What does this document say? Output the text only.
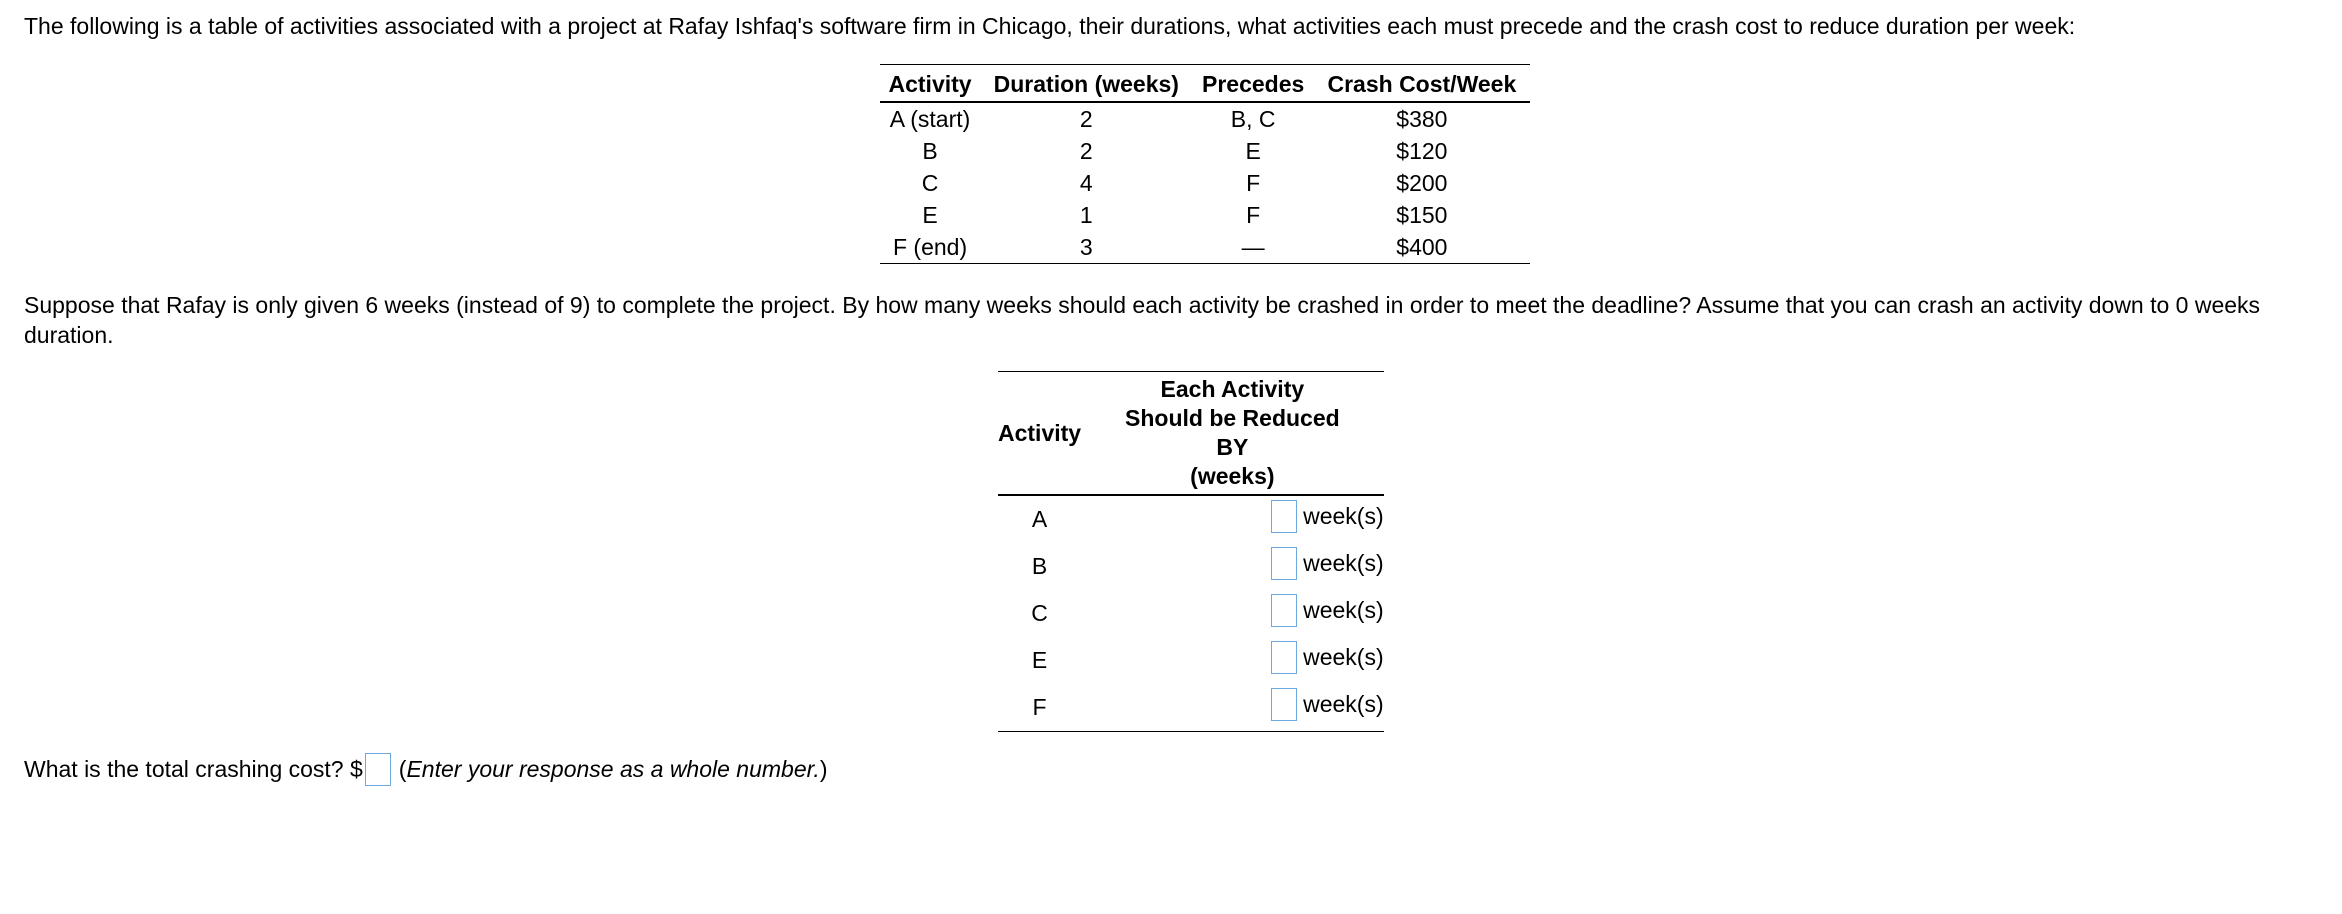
The following is a table of activities associated with a project at Rafay Ishfaq's software firm in Chicago, their durations, what activities each must precede and the crash cost to reduce duration per week:

Activity	Duration (weeks)	Precedes	Crash Cost/Week
A (start)	2	B, C	$380
B	2	E	$120
C	4	F	$200
E	1	F	$150
F (end)	3	—	$400

Suppose that Rafay is only given 6 weeks (instead of 9) to complete the project. By how many weeks should each activity be crashed in order to meet the deadline? Assume that you can crash an activity down to 0 weeks duration.

Activity	Each Activity
Should be Reduced
BY
(weeks)

A	week(s)

B	week(s)

C	week(s)

E	week(s)

F	week(s)
What is the total crashing cost? $ ( Enter your response as a whole number. )
